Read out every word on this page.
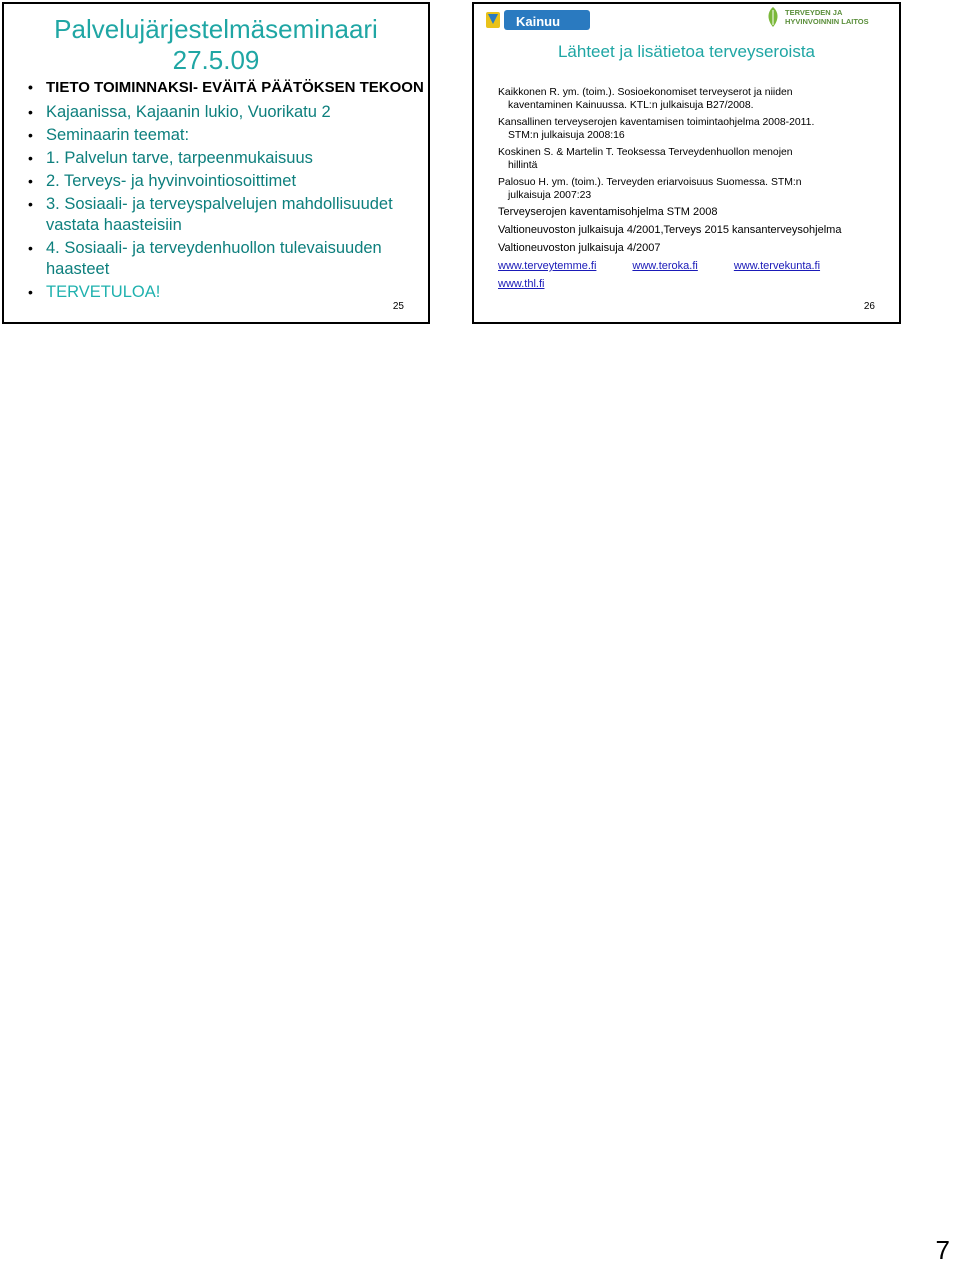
Palvelujärjestelmäseminaari
27.5.09
• TIETO TOIMINNAKSI- EVÄITÄ PÄÄTÖKSEN TEKOON
• Kajaanissa, Kajaanin lukio, Vuorikatu 2
• Seminaarin teemat:
• 1. Palvelun tarve, tarpeenmukaisuus
• 2. Terveys- ja hyvinvointiosoittimet
• 3. Sosiaali- ja terveyspalvelujen mahdollisuudet vastata haasteisiin
• 4. Sosiaali- ja terveydenhuollon tulevaisuuden haasteet
• TERVETULOA!
25
Kainuu
TERVEYDEN JA
HYVINVOINNIN LAITOS
Lähteet ja lisätietoa terveyseroista
Kaikkonen R. ym. (toim.). Sosioekonomiset terveyserot ja niiden
kaventaminen Kainuussa. KTL:n julkaisuja B27/2008.
Kansallinen terveyserojen kaventamisen toimintaohjelma 2008-2011.
STM:n julkaisuja 2008:16
Koskinen S. & Martelin T. Teoksessa Terveydenhuollon menojen
hillintä
Palosuo H. ym. (toim.). Terveyden eriarvoisuus Suomessa. STM:n
julkaisuja 2007:23
Terveyserojen kaventamisohjelma STM 2008
Valtioneuvoston julkaisuja 4/2001,Terveys 2015 kansanterveysohjelma
Valtioneuvoston julkaisuja 4/2007
www.terveytemme.fi	www.teroka.fi	www.tervekunta.fi
www.thl.fi
26
7
